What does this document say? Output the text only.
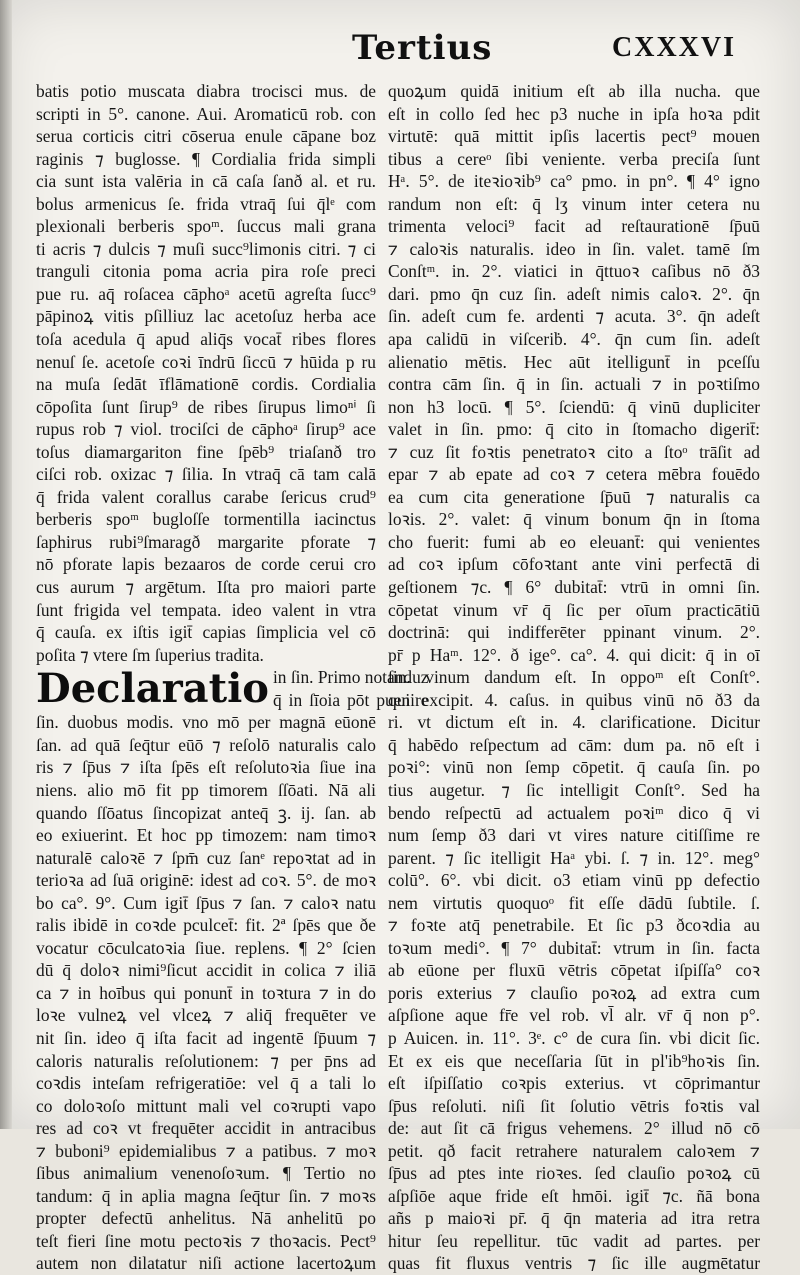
Tertius	CXXXVI
batis potio muscata diabra trocisci mus. de
scripti in 5°. canone. Aui. Aromaticū rob. con
serua corticis citri cōserua enule cāpane boz
raginis ⁊ buglosse. ¶ Cordialia frida simpli
cia sunt ista valēria in cā caſa ſanð al. et ru.
bolus armenicus ſe. frida vtraq̄ ſui q̄lᵉ com
plexionali berberis spoᵐ. ſuccus mali grana
ti acris ⁊ dulcis ⁊ muſi succ⁹limonis citri. ⁊ ci
tranguli citonia poma acria pira roſe preci
pue ru. aq̄ roſacea cāphoᵃ acetū agreſta ſucc⁹
pāpinoꝝ vitis pſilliuz lac acetoſuz herba ace
toſa acedula q̄ apud aliq̄s vocat̄ ribes flores
nenuſ ſe. acetoſe coꝛi īndrū ſiccū ⁊ hūida p ru
na muſa ſedāt īflāmationē cordis. Cordialia
cōpoſita ſunt ſirup⁹ de ribes ſirupus limoⁿⁱ ſi
rupus rob ⁊ viol. trociſci de cāphoᵃ ſirup⁹ ace
toſus diamargariton fine ſpēb⁹ triaſanð tro
ciſci rob. oxizac ⁊ ſilia. In vtraq̄ cā tam calā
q̄ frida valent corallus carabe ſericus crud⁹
berberis spoᵐ bugloſſe tormentilla iacinctus
ſaphirus rubi⁹ſmaragð margarite pforate ⁊
nō pforate lapis bezaaros de corde cerui cro
cus aurum ⁊ argētum. Iſta pro maiori parte
ſunt frigida vel tempata. ideo valent in vtra
q̄ cauſa. ex iſtis igit̄ capias ſimplicia vel cō
poſita ⁊ vtere ſm ſuperius tradita.
Declaratio in ſin. Primo notanduz
q̄ in ſīoia pōt puenire
ſin. duobus modis. vno mō per magnā eūonē
ſan. ad quā ſeq̄tur eūō ⁊ reſolō naturalis calo
ris ⁊ ſp̄us ⁊ iſta ſpēs eſt reſolutoꝛia ſiue ina
niens. alio mō fit pp timorem ſſōati. Nā ali
quando ſſōatus ſincopizat anteq̄ ꝫ. ij. ſan. ab
eo exiuerint. Et hoc pp timozem: nam timoꝛ
naturalē caloꝛē ⁊ ſpm̄ cuz ſanᵉ repoꝛtat ad in
terioꝛa ad ſuā originē: idest ad coꝛ. 5°. de moꝛ
bo ca°. 9°. Cum igit̄ ſp̄us ⁊ ſan. ⁊ caloꝛ natu
ralis ibidē in coꝛde pculcet̄: fit. 2ª ſpēs que ðe
vocatur cōculcatoꝛia ſiue. replens. ¶ 2° ſcien
dū q̄ doloꝛ nimi⁹ſicut accidit in colica ⁊ iliā
ca ⁊ in hoībus qui ponunt̄ in toꝛtura ⁊ in do
loꝛe vulneꝝ vel vlceꝝ ⁊ aliq̄ frequēter ve
nit ſin. ideo q̄ iſta facit ad ingentē ſp̄uum ⁊
caloris naturalis reſolutionem: ⁊ per p̄ns ad
coꝛdis inteſam refrigeratiōe: vel q̄ a tali lo
co doloꝛoſo mittunt mali vel coꝛrupti vapo
res ad coꝛ vt frequēter accidit in antracibus
⁊ buboni⁹ epidemialibus ⁊ a patibus. ⁊ moꝛ
ſibus animalium venenoſoꝛum. ¶ Tertio no
tandum: q̄ in aplia magna ſeq̄tur ſin. ⁊ moꝛs
propter defectū anhelitus. Nā anhelitū po
teſt fieri ſine motu pectoꝛis ⁊ thoꝛacis. Pect⁹
autem non dilatatur niſi actione lacertoꝝum
quoꝝum quidā initium eſt ab illa nucha. que
eſt in collo ſed hec p3 nuche in ipſa hoꝛa pdit
virtutē: quā mittit ipſis lacertis pect⁹ mouen
tibus a cereᵒ ſibi veniente. verba preciſa ſunt
Hᵃ. 5°. de iteꝛioꝛib⁹ ca° pmo. in pn°. ¶ 4° igno
randum non eſt: q̄ lʒ vinum inter cetera nu
trimenta veloci⁹ facit ad reſtaurationē ſp̄uū
⁊ caloꝛis naturalis. ideo in ſin. valet. tamē ſm
Conſtᵐ. in. 2°. viatici in q̄ttuoꝛ caſibus nō ð3
dari. pmo q̄n cuz ſin. adeſt nimis caloꝛ. 2°. q̄n
ſin. adeſt cum fe. ardenti ⁊ acuta. 3°. q̄n adeſt
apa calidū in viſceriḃ. 4°. q̄n cum ſin. adeſt
alienatio mētis. Hec aūt itelligunt̄ in pceſſu
contra cām ſin. q̄ in ſin. actuali ⁊ in poꝛtiſmo
non h3 locū. ¶ 5°. ſciendū: q̄ vinū dupliciter
valet in ſin. pmo: q̄ cito in ſtomacho digerit̄:
⁊ cuz ſit foꝛtis penetratoꝛ cito a ſtoᵒ trāſit ad
epar ⁊ ab epate ad coꝛ ⁊ cetera mēbra fouēdo
ea cum cita generatione ſp̄uū ⁊ naturalis ca
loꝛis. 2°. valet: q̄ vinum bonum q̄n in ſtoma
cho fuerit: fumi ab eo eleuant̄: qui venientes
ad coꝛ ipſum cōfoꝛtant ante vini perfectā di
geſtionem ⁊c. ¶ 6° dubitat̄: vtrū in omni ſin.
cōpetat vinum vr̄ q̄ ſic per oīum practicātiū
doctrinā: qui indifferēter ppinant vinum. 2°.
pr̄ p Haᵐ. 12°. ð ige°. ca°. 4. qui dicit: q̄ in oī
ſin. vinum dandum eſt. In oppoᵐ eſt Conſt°.
qui excipit. 4. caſus. in quibus vinū nō ð3 da
ri. vt dictum eſt in. 4. clarificatione. Dicitur
q̄ habēdo reſpectum ad cām: dum pa. nō eſt i
poꝛi°: vinū non ſemp cōpetit. q̄ cauſa ſin. po
tius augetur. ⁊ ſic intelligit Conſt°. Sed ha
bendo reſpectū ad actualem poꝛiᵐ dico q̄ vi
num ſemp ð3 dari vt vires nature citiſſime re
parent. ⁊ ſic itelligit Haᵃ ybi. ſ. ⁊ in. 12°. meg°
colū°. 6°. vbi dicit. o3 etiam vinū pp defectio
nem virtutis quoquoᵒ fit eſſe dādū ſubtile. ſ.
⁊ foꝛte atq̄ penetrabile. Et ſic p3 ðcoꝛdia au
toꝛum medi°. ¶ 7° dubitat̄: vtrum in ſin. facta
ab eūone per fluxū vētris cōpetat iſpiſſa° coꝛ
poris exterius ⁊ clauſio poꝛoꝝ ad extra cum
aſpſione aque fr̄e vel rob. vl̄ alr. vr̄ q̄ non p°.
p Auicen. in. 11°. 3ᵉ. c° de cura ſin. vbi dicit ſic.
Et ex eis que neceſſaria ſūt in pl'ib⁹hoꝛis ſin.
eſt iſpiſſatio coꝛpis exterius. vt cōprimantur
ſp̄us reſoluti. niſi ſit ſolutio vētris foꝛtis val
de: aut ſit cā frigus vehemens. 2° illud nō cō
petit. qð facit retrahere naturalem caloꝛem ⁊
ſp̄us ad ptes inte rioꝛes. ſed clauſio poꝛoꝝ cū
aſpſiōe aque fride eſt hmōi. igit̄ ⁊c. ñā bona
añs p maioꝛi pr̄. q̄ q̄n materia ad itra retra
hitur ſeu repellitur. tūc vadit ad partes. per
quas fit fluxus ventris ⁊ ſic ille augmētatur
